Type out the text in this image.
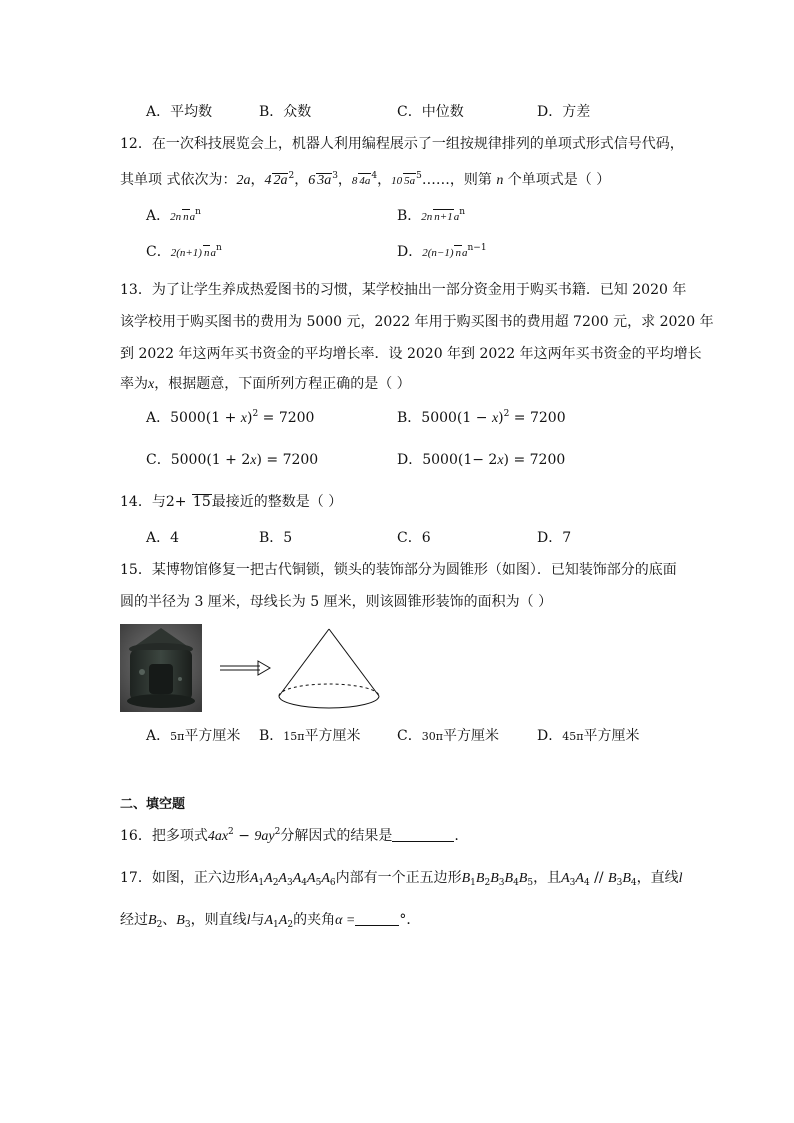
A．平均数	B．众数	C．中位数	D．方差
12．在一次科技展览会上，机器人利用编程展示了一组按规律排列的单项式形式信号代码，
其单项 式依次为：2a，4 $2a^2$，6 $3a^3$，8 $4a^4$，10 $5a^5\dots\dots$，则第 n 个单项式是（ ）
A．2n $na^n$	B．2n $n+1a^n$
C．2(n+1) $na^n$	D．2(n−1) $na^{n-1}$
13．为了让学生养成热爱图书的习惯，某学校抽出一部分资金用于购买书籍．已知 2020 年
该学校用于购买图书的费用为 5000 元，2022 年用于购买图书的费用超 7200 元，求 2020 年
到 2022 年这两年买书资金的平均增长率．设 2020 年到 2022 年这两年买书资金的平均增长
率为x，根据题意，下面所列方程正确的是（ ）
A．$5000(1 + x)^2 = 7200$	B．$5000(1 - x)^2 = 7200$
C．5000(1 + 2x) = 7200	D．5000(1− 2x) = 7200
14．与2+ 15最接近的整数是（ ）
A．4	B．5	C．6	D．7
15．某博物馆修复一把古代铜锁，锁头的装饰部分为圆锥形（如图）．已知装饰部分的底面
圆的半径为 3 厘米，母线长为 5 厘米，则该圆锥形装饰的面积为（ ）
A．5π平方厘米 B．15π平方厘米	C．30π平方厘米	D．45π平方厘米
二、填空题
16．把多项式$4ax^2 - 9ay^2$分解因式的结果是	.
17．如图，正六边形$A_1A_2A_3A_4A_5A_6$内部有一个正五边形$B_1B_2B_3B_4B_5$，且$A_3A_4 // B_3B_4$，直线l
经过$B_2$、$B_3$，则直线l与$A_1A_2$的夹角α =	°．
